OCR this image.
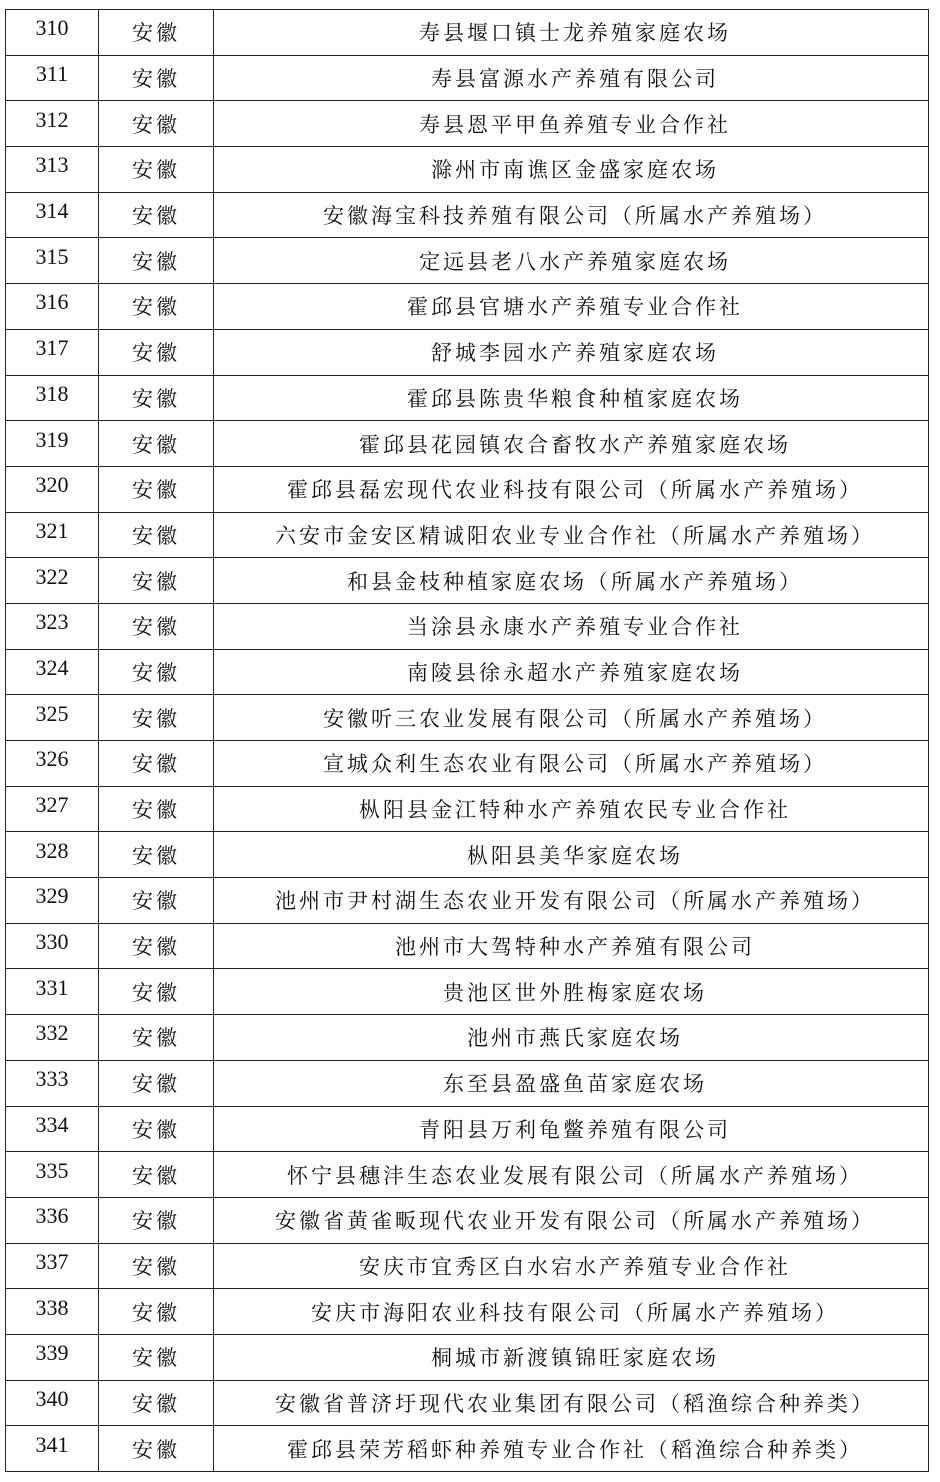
310	安徽	寿县堰口镇士龙养殖家庭农场
311	安徽	寿县富源水产养殖有限公司
312	安徽	寿县恩平甲鱼养殖专业合作社
313	安徽	滁州市南谯区金盛家庭农场
314	安徽	安徽海宝科技养殖有限公司（所属水产养殖场）
315	安徽	定远县老八水产养殖家庭农场
316	安徽	霍邱县官塘水产养殖专业合作社
317	安徽	舒城李园水产养殖家庭农场
318	安徽	霍邱县陈贵华粮食种植家庭农场
319	安徽	霍邱县花园镇农合畜牧水产养殖家庭农场
320	安徽	霍邱县磊宏现代农业科技有限公司（所属水产养殖场）
321	安徽	六安市金安区精诚阳农业专业合作社（所属水产养殖场）
322	安徽	和县金枝种植家庭农场（所属水产养殖场）
323	安徽	当涂县永康水产养殖专业合作社
324	安徽	南陵县徐永超水产养殖家庭农场
325	安徽	安徽听三农业发展有限公司（所属水产养殖场）
326	安徽	宣城众利生态农业有限公司（所属水产养殖场）
327	安徽	枞阳县金江特种水产养殖农民专业合作社
328	安徽	枞阳县美华家庭农场
329	安徽	池州市尹村湖生态农业开发有限公司（所属水产养殖场）
330	安徽	池州市大驾特种水产养殖有限公司
331	安徽	贵池区世外胜梅家庭农场
332	安徽	池州市燕氏家庭农场
333	安徽	东至县盈盛鱼苗家庭农场
334	安徽	青阳县万利龟鳖养殖有限公司
335	安徽	怀宁县穗沣生态农业发展有限公司（所属水产养殖场）
336	安徽	安徽省黄雀畈现代农业开发有限公司（所属水产养殖场）
337	安徽	安庆市宜秀区白水宕水产养殖专业合作社
338	安徽	安庆市海阳农业科技有限公司（所属水产养殖场）
339	安徽	桐城市新渡镇锦旺家庭农场
340	安徽	安徽省普济圩现代农业集团有限公司（稻渔综合种养类）
341	安徽	霍邱县荣芳稻虾种养殖专业合作社（稻渔综合种养类）
